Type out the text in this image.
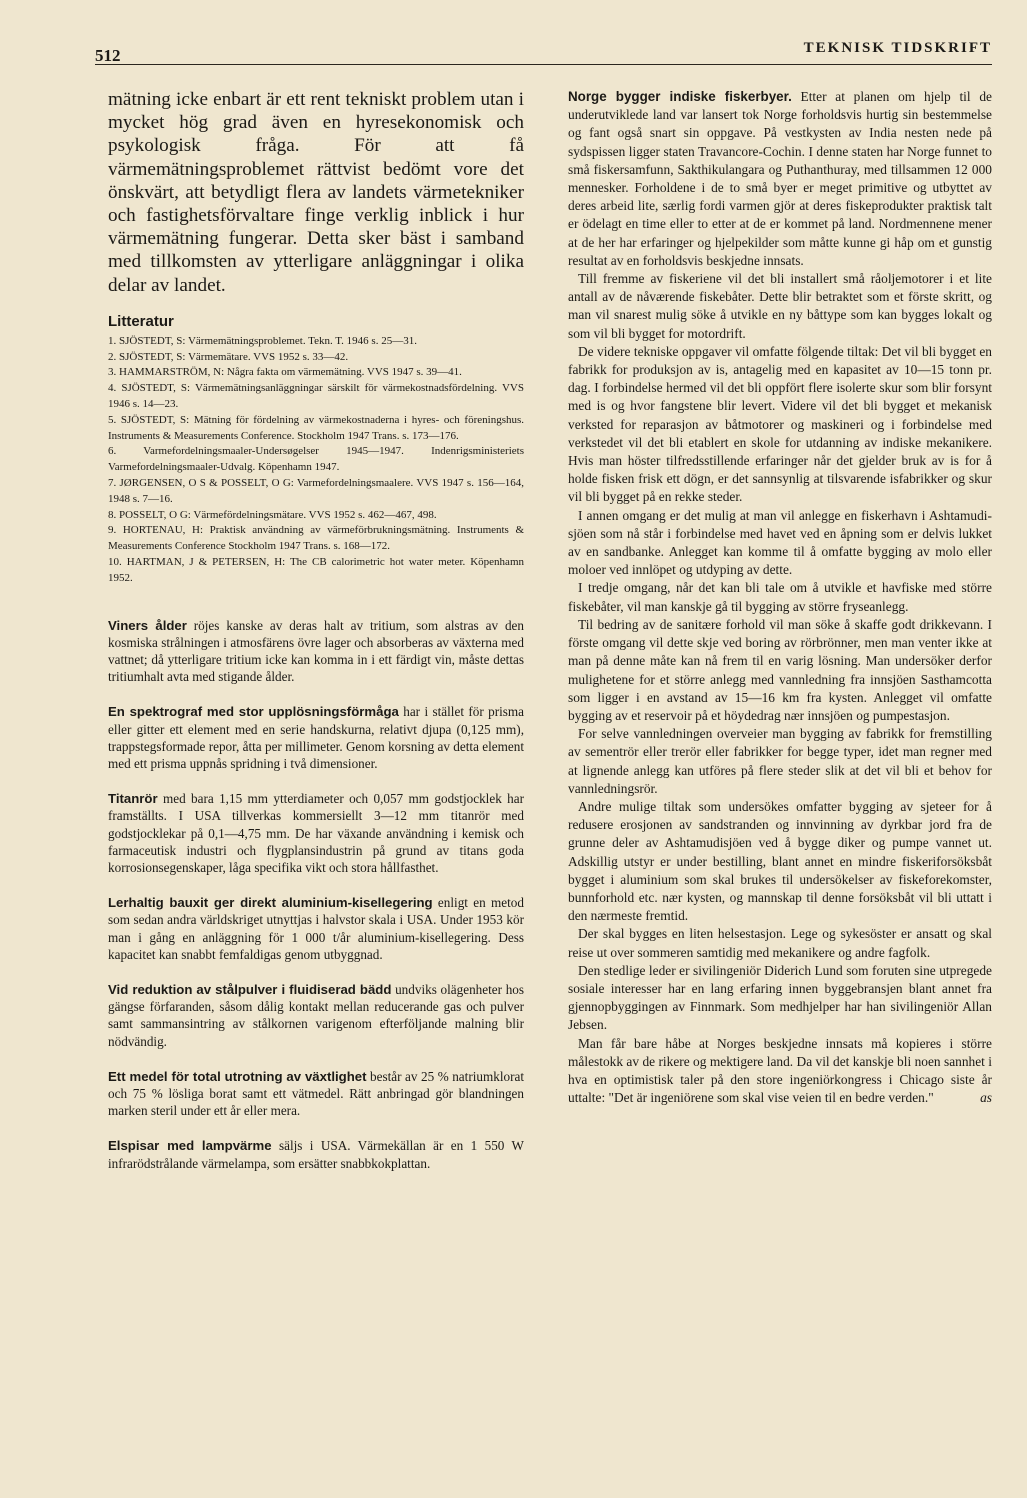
512	TEKNISK TIDSKRIFT

mätning icke enbart är ett rent tekniskt problem utan i mycket hög grad även en hyresekonomisk och psykologisk fråga. För att få värmemätningsproblemet rättvist bedömt vore det önskvärt, att betydligt flera av landets värmetekniker och fastighetsförvaltare finge verklig inblick i hur värmemätning fungerar. Detta sker bäst i samband med tillkomsten av ytterligare anläggningar i olika delar av landet.

Litteratur
1. SJÖSTEDT, S: Värmemätningsproblemet. Tekn. T. 1946 s. 25—31.
2. SJÖSTEDT, S: Värmemätare. VVS 1952 s. 33—42.
3. HAMMARSTRÖM, N: Några fakta om värmemätning. VVS 1947 s. 39—41.
4. SJÖSTEDT, S: Värmemätningsanläggningar särskilt för värmekostnadsfördelning. VVS 1946 s. 14—23.
5. SJÖSTEDT, S: Mätning för fördelning av värmekostnaderna i hyres- och föreningshus. Instruments & Measurements Conference. Stockholm 1947 Trans. s. 173—176.
6. Varmefordelningsmaaler-Undersøgelser 1945—1947. Indenrigsministeriets Varmefordelningsmaaler-Udvalg. Köpenhamn 1947.
7. JØRGENSEN, O S & POSSELT, O G: Varmefordelningsmaalere. VVS 1947 s. 156—164, 1948 s. 7—16.
8. POSSELT, O G: Värmefördelningsmätare. VVS 1952 s. 462—467, 498.
9. HORTENAU, H: Praktisk användning av värmeförbrukningsmätning. Instruments & Measurements Conference Stockholm 1947 Trans. s. 168—172.
10. HARTMAN, J & PETERSEN, H: The CB calorimetric hot water meter. Köpenhamn 1952.

Viners ålder röjes kanske av deras halt av tritium, som alstras av den kosmiska strålningen i atmosfärens övre lager och absorberas av växterna med vattnet; då ytterligare tritium icke kan komma in i ett färdigt vin, måste dettas tritiumhalt avta med stigande ålder.

En spektrograf med stor upplösningsförmåga har i stället för prisma eller gitter ett element med en serie handskurna, relativt djupa (0,125 mm), trappstegsformade repor, åtta per millimeter. Genom korsning av detta element med ett prisma uppnås spridning i två dimensioner.

Titanrör med bara 1,15 mm ytterdiameter och 0,057 mm godstjocklek har framställts. I USA tillverkas kommersiellt 3—12 mm titanrör med godstjocklekar på 0,1—4,75 mm. De har växande användning i kemisk och farmaceutisk industri och flygplansindustrin på grund av titans goda korrosionsegenskaper, låga specifika vikt och stora hållfasthet.

Lerhaltig bauxit ger direkt aluminium-kisellegering enligt en metod som sedan andra världskriget utnyttjas i halvstor skala i USA. Under 1953 kör man i gång en anläggning för 1 000 t/år aluminium-kisellegering. Dess kapacitet kan snabbt femfaldigas genom utbyggnad.

Vid reduktion av stålpulver i fluidiserad bädd undviks olägenheter hos gängse förfaranden, såsom dålig kontakt mellan reducerande gas och pulver samt sammansintring av stålkornen varigenom efterföljande malning blir nödvändig.

Ett medel för total utrotning av växtlighet består av 25 % natriumklorat och 75 % lösliga borat samt ett vätmedel. Rätt anbringad gör blandningen marken steril under ett år eller mera.

Elspisar med lampvärme säljs i USA. Värmekällan är en 1 550 W infrarödstrålande värmelampa, som ersätter snabbkokplattan.

Norge bygger indiske fiskerbyer. Etter at planen om hjelp til de underutviklede land var lansert tok Norge forholdsvis hurtig sin bestemmelse og fant også snart sin oppgave. På vestkysten av India nesten nede på sydspissen ligger staten Travancore-Cochin. I denne staten har Norge funnet to små fiskersamfunn, Sakthikulangara og Puthanthuray, med tillsammen 12 000 mennesker. Forholdene i de to små byer er meget primitive og utbyttet av deres arbeid lite, særlig fordi varmen gjör at deres fiskeprodukter praktisk talt er ödelagt en time eller to etter at de er kommet på land. Nordmennene mener at de her har erfaringer og hjelpekilder som måtte kunne gi håp om et gunstig resultat av en forholdsvis beskjedne innsats.

Till fremme av fiskeriene vil det bli installert små råoljemotorer i et lite antall av de nåværende fiskebåter. Dette blir betraktet som et förste skritt, og man vil snarest mulig söke å utvikle en ny båttype som kan bygges lokalt og som vil bli bygget for motordrift.

De videre tekniske oppgaver vil omfatte fölgende tiltak: Det vil bli bygget en fabrikk for produksjon av is, antagelig med en kapasitet av 10—15 tonn pr. dag. I forbindelse hermed vil det bli oppfört flere isolerte skur som blir forsynt med is og hvor fangstene blir levert. Videre vil det bli bygget et mekanisk verksted for reparasjon av båtmotorer og maskineri og i forbindelse med verkstedet vil det bli etablert en skole for utdanning av indiske mekanikere. Hvis man höster tilfredsstillende erfaringer når det gjelder bruk av is for å holde fisken frisk ett dögn, er det sannsynlig at tilsvarende isfabrikker og skur vil bli bygget på en rekke steder.

I annen omgang er det mulig at man vil anlegge en fiskerhavn i Ashtamudi-sjöen som nå står i forbindelse med havet ved en åpning som er delvis lukket av en sandbanke. Anlegget kan komme til å omfatte bygging av molo eller moloer ved innlöpet og utdyping av dette.

I tredje omgang, når det kan bli tale om å utvikle et havfiske med större fiskebåter, vil man kanskje gå til bygging av större fryseanlegg.

Til bedring av de sanitære forhold vil man söke å skaffe godt drikkevann. I förste omgang vil dette skje ved boring av rörbrönner, men man venter ikke at man på denne måte kan nå frem til en varig lösning. Man undersöker derfor mulighetene for et större anlegg med vannledning fra innsjöen Sasthamcotta som ligger i en avstand av 15—16 km fra kysten. Anlegget vil omfatte bygging av et reservoir på et höydedrag nær innsjöen og pumpestasjon.

For selve vannledningen overveier man bygging av fabrikk for fremstilling av sementrör eller trerör eller fabrikker for begge typer, idet man regner med at lignende anlegg kan utföres på flere steder slik at det vil bli et behov for vannledningsrör.

Andre mulige tiltak som undersökes omfatter bygging av sjeteer for å redusere erosjonen av sandstranden og innvinning av dyrkbar jord fra de grunne deler av Ashtamudisjöen ved å bygge diker og pumpe vannet ut. Adskillig utstyr er under bestilling, blant annet en mindre fiskeriforsöksbåt bygget i aluminium som skal brukes til undersökelser av fiskeforekomster, bunnforhold etc. nær kysten, og mannskap til denne forsöksbåt vil bli uttatt i den nærmeste fremtid.

Der skal bygges en liten helsestasjon. Lege og sykesöster er ansatt og skal reise ut over sommeren samtidig med mekanikere og andre fagfolk.

Den stedlige leder er sivilingeniör Diderich Lund som foruten sine utpregede sosiale interesser har en lang erfaring innen byggebransjen blant annet fra gjennopbyggingen av Finnmark. Som medhjelper har han sivilingeniör Allan Jebsen.

Man får bare håbe at Norges beskjedne innsats må kopieres i större målestokk av de rikere og mektigere land. Da vil det kanskje bli noen sannhet i hva en optimistisk taler på den store ingeniörkongress i Chicago siste år uttalte: "Det är ingeniörene som skal vise veien til en bedre verden."	as
